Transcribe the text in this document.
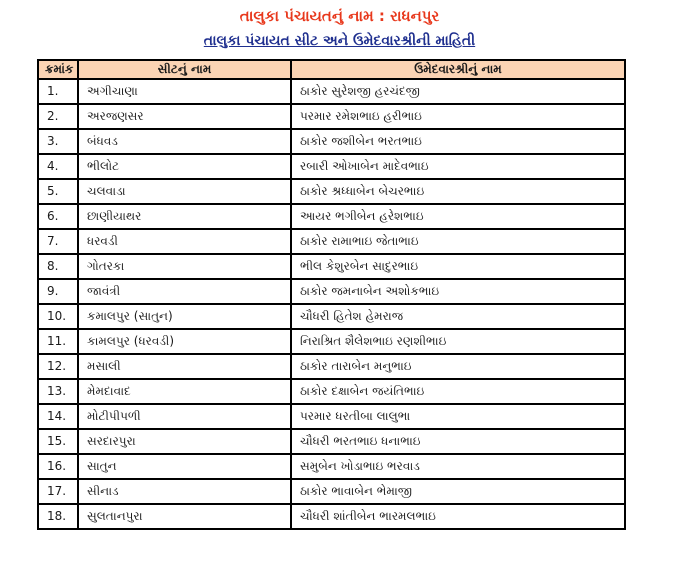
તાલુકા પંચાયતનું નામ : રાધનપુર
તાલુકા પંચાયત સીટ અને ઉમેદવારશ્રીની માહિતી
ક્રમાંક	સીટનું નામ	ઉમેદવારશ્રીનું નામ
1.	અગીચાણા	ઠાકોર સુરેશજી હરચંદજી
2.	અરજણસર	પરમાર રમેશભાઇ હરીભાઇ
3.	બંધવડ	ઠાકોર જશીબેન ભરતભાઇ
4.	ભીલોટ	રબારી ઓખાબેન માદેવભાઇ
5.	ચલવાડા	ઠાકોર શ્રધ્ધાબેન બેચરભાઇ
6.	છાણીયાથર	આયર ભગીબેન હરેશભાઇ
7.	ધરવડી	ઠાકોર રામાભાઇ જેતાભાઇ
8.	ગોતરકા	ભીલ કેશુરબેન સાદુરભાઇ
9.	જાવંત્રી	ઠાકોર જમનાબેન અશોકભાઇ
10.	કમાલપુર (સાતુન)	ચૌધરી હિતેશ હેમરાજ
11.	કામલપુર (ધરવડી)	નિરાશ્રિત શૈલેશભાઇ રણશીભાઇ
12.	મસાલી	ઠાકોર તારાબેન મનુભાઇ
13.	મેમદાવાદ	ઠાકોર દક્ષાબેન જયંતિભાઇ
14.	મોટીપીપળી	પરમાર ધરતીબા લાલુભા
15.	સરદારપુરા	ચૌધરી ભરતભાઇ ધનાભાઇ
16.	સાતુન	સમુબેન ખોડાભાઇ ભરવાડ
17.	સીનાડ	ઠાકોર ભાવાબેન ભેમાજી
18.	સુલતાનપુરા	ચૌધરી શાંતીબેન ભારમલભાઇ
